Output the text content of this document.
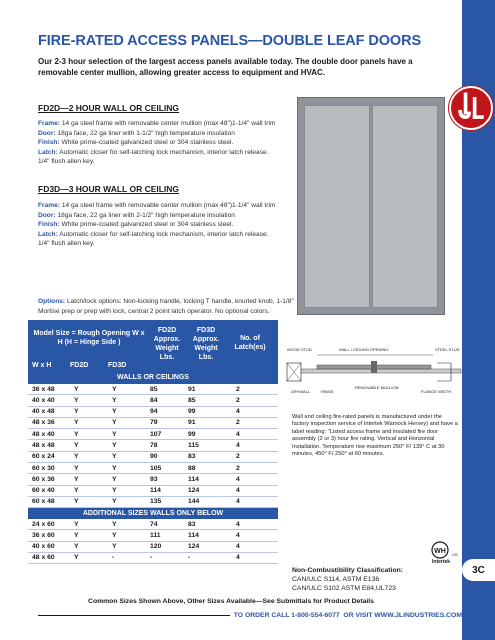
3C
FIRE-RATED ACCESS PANELS—DOUBLE LEAF DOORS
Our 2-3 hour selection of the largest access panels available today. The double door panels have a removable center mullion, allowing greater access to equipment and HVAC.
FD2D—2 HOUR WALL OR CEILING
Frame: 14 ga steel frame with removable center mullion (max 48")1-1/4" wall trim
Door: 18ga face, 22 ga liner with 1-1/2" high temperature insulation
Finish: White prime-coated galvanized steel or 304 stainless steel.
Latch: Automatic closer for self-latching lock mechanism, interior latch release. 1/4" flush allen key.
FD3D—3 HOUR WALL OR CEILING
Frame: 14 ga steel frame with removable center mullion (max 48")1-1/4" wall trim
Door: 18ga face, 22 ga liner with 2-1/2" high temperature insulation
Finish: White prime-coated galvanized steel or 304 stainless steel.
Latch: Automatic closer for self-latching lock mechanism, interior latch release. 1/4" flush allen key.
Options: Latch/lock options: Non-locking handle, locking T handle, knurled knob, 1-1/8" Mortise prep or prep with lock, central 2 point latch operator. No optional colors.
Model Size = Rough Opening W x H (H = Hinge Side )
FD2D Approx. Weight Lbs.
FD3D Approx. Weight Lbs.
No. of Latch(es)
W x H	FD2D	FD3D
WALLS OR CEILINGS
36 x 48	Y	Y	85	91	2
40 x 40	Y	Y	84	85	2
40 x 48	Y	Y	94	99	4
48 x 36	Y	Y	79	91	2
48 x 40	Y	Y	107	99	4
48 x 48	Y	Y	78	115	4
60 x 24	Y	Y	90	83	2
60 x 30	Y	Y	105	88	2
60 x 36	Y	Y	93	114	4
60 x 40	Y	Y	114	124	4
60 x 48	Y	Y	135	144	4
ADDITIONAL SIZES WALLS ONLY BELOW
24 x 60	Y	Y	74	83	4
36 x 60	Y	Y	111	114	4
40 x 60	Y	Y	120	124	4
48 x 60	Y	-	-	-	4
WOOD STUD	WALL / CEILING OPENING	STEEL STUD
DRYWALL	HINGE
REMOVABLE MULLION
FLANGE WIDTH
Wall and ceiling fire-rated panels is manufactured under the factory inspection service of Intertek Warnock Hersey) and have a label reading: "Listed access frame and insulated fire door assembly (2 or 3) hour fire rating. Vertical and Horizontal Installation. Temperature rise maximum 250° F/ 139° C at 30 minutes, 450° F/ 250° at 60 minutes.
WH US
Intertek
Non-Combustibility Classification:
CAN/ULC S114, ASTM E136
CAN/ULC S102 ASTM E84,UL723
Common Sizes Shown Above, Other Sizes Available—See Submittals for Product Details
TO ORDER CALL 1-800-554-6077
OR VISIT WWW.JLINDUSTRIES.COM
